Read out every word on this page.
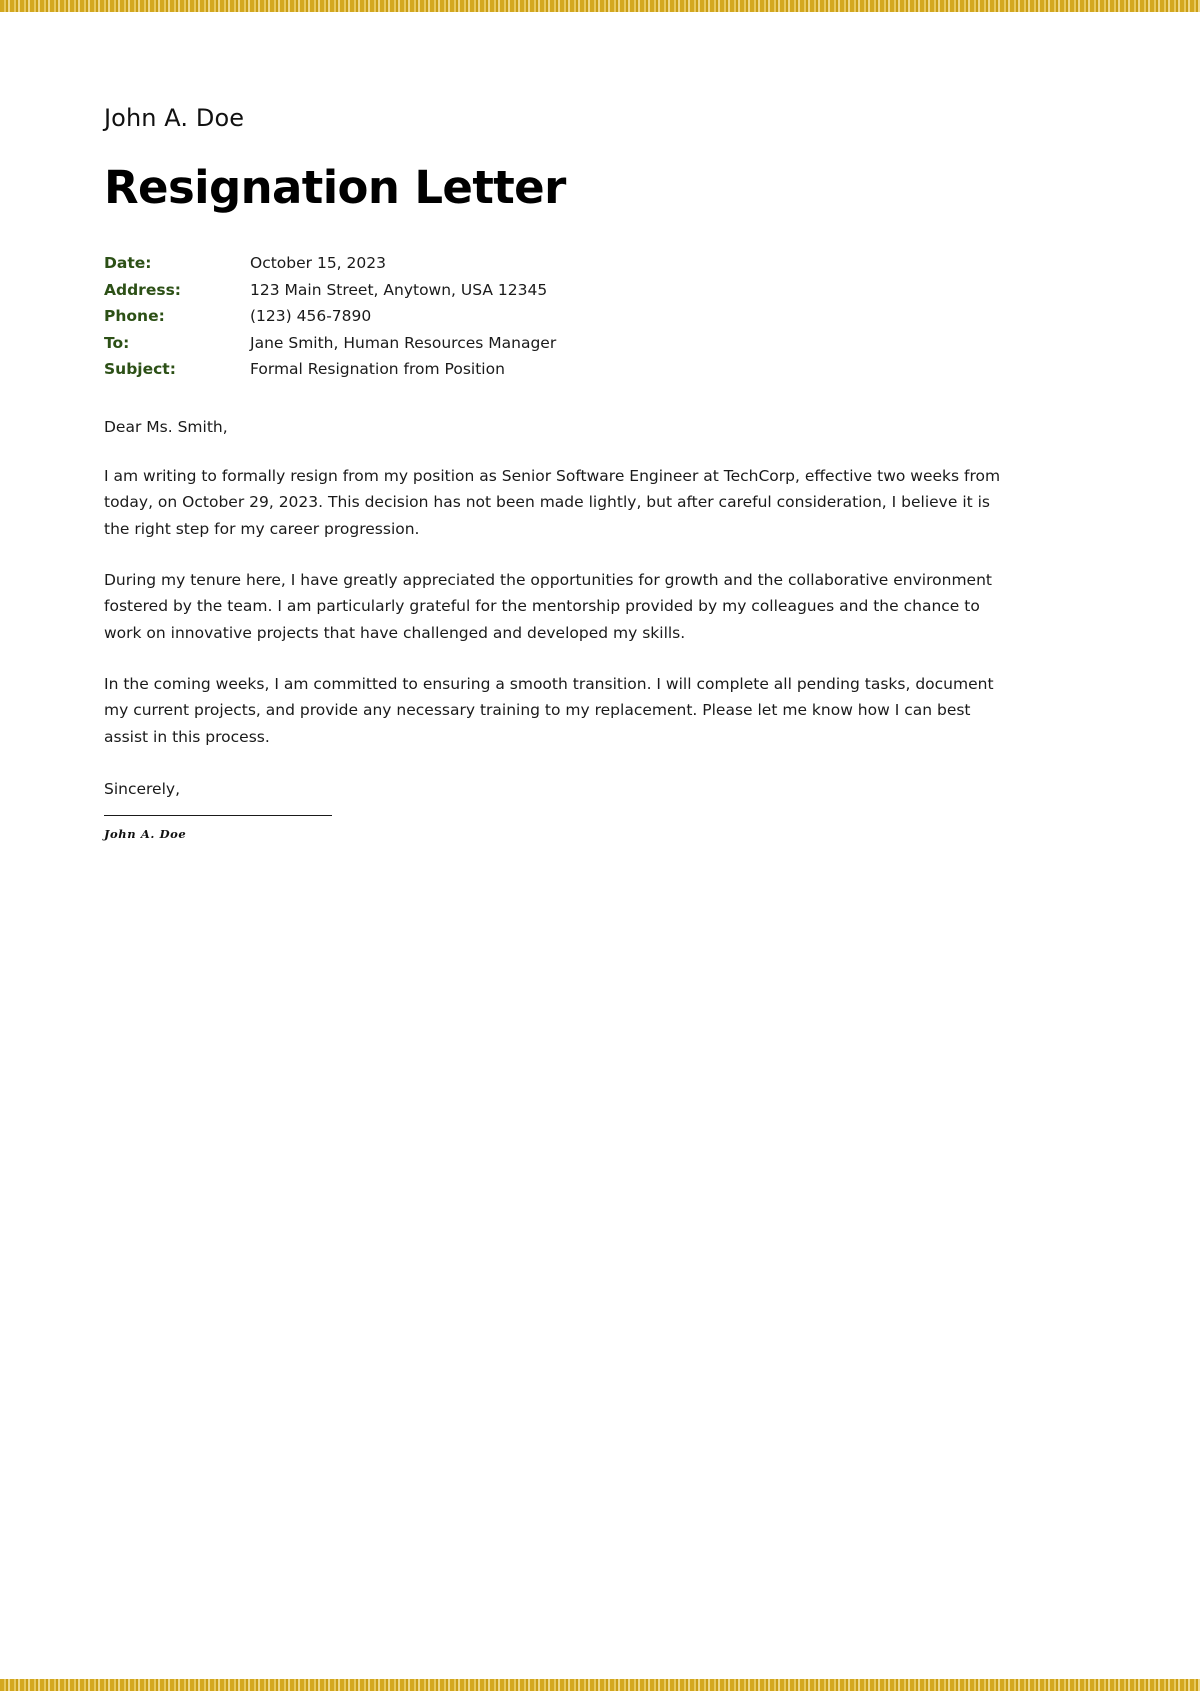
John A. Doe

Resignation Letter
Date:	October 15, 2023
Address:	123 Main Street, Anytown, USA 12345
Phone:	(123) 456-7890
To:	Jane Smith, Human Resources Manager
Subject:	Formal Resignation from Position

Dear Ms. Smith,

I am writing to formally resign from my position as Senior Software Engineer at TechCorp, effective two weeks from today, on October 29, 2023. This decision has not been made lightly, but after careful consideration, I believe it is the right step for my career progression.

During my tenure here, I have greatly appreciated the opportunities for growth and the collaborative environment fostered by the team. I am particularly grateful for the mentorship provided by my colleagues and the chance to work on innovative projects that have challenged and developed my skills.

In the coming weeks, I am committed to ensuring a smooth transition. I will complete all pending tasks, document my current projects, and provide any necessary training to my replacement. Please let me know how I can best assist in this process.

Sincerely,

John A. Doe
